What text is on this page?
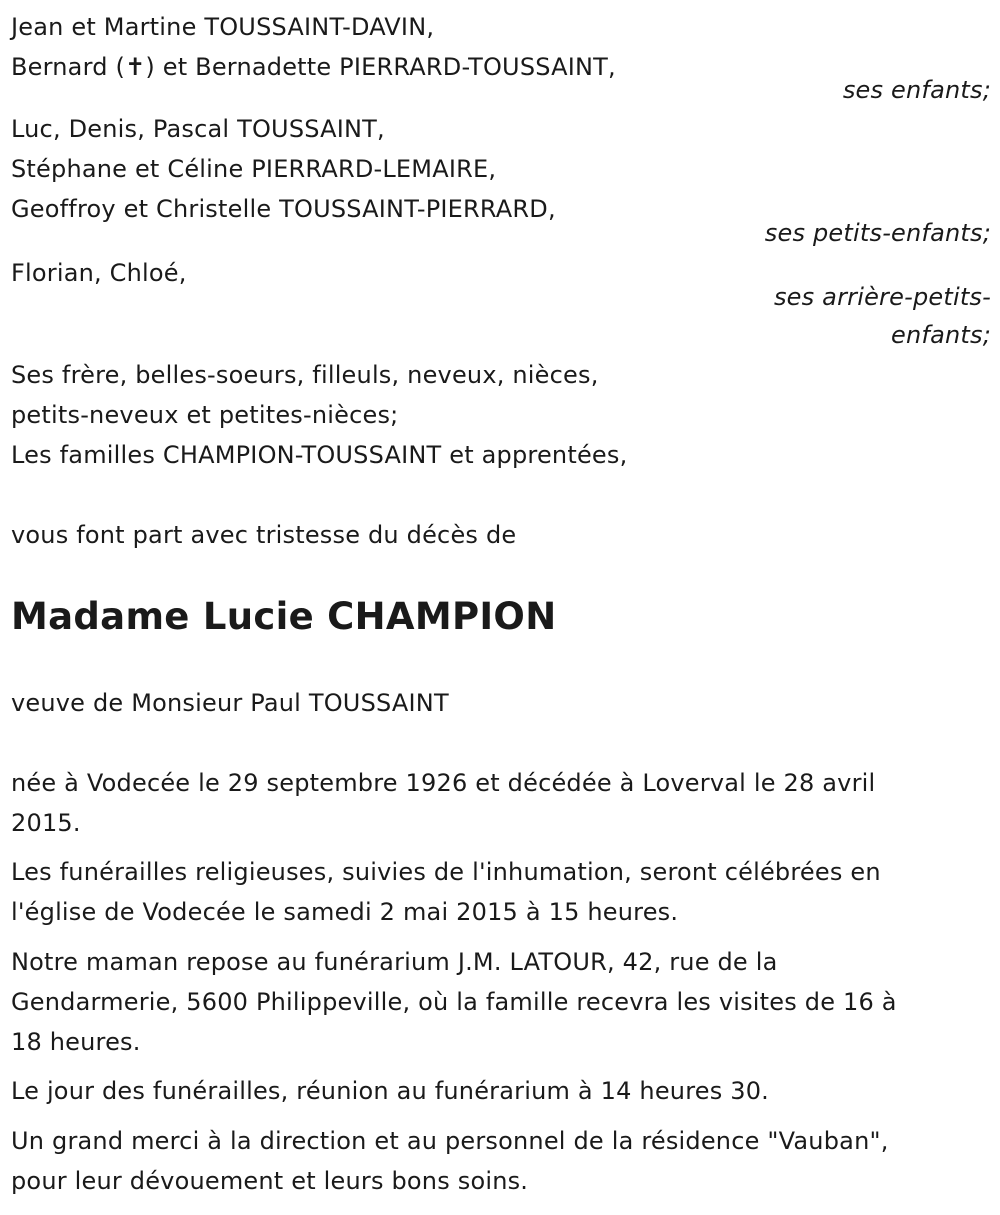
Jean et Martine TOUSSAINT-DAVIN,
Bernard (✝) et Bernadette PIERRARD-TOUSSAINT,
ses enfants;
Luc, Denis, Pascal TOUSSAINT,
Stéphane et Céline PIERRARD-LEMAIRE,
Geoffroy et Christelle TOUSSAINT-PIERRARD,
ses petits-enfants;
Florian, Chloé,
ses arrière-petits-
enfants;
Ses frère, belles-soeurs, filleuls, neveux, nièces,
petits-neveux et petites-nièces;
Les familles CHAMPION-TOUSSAINT et apprentées,
vous font part avec tristesse du décès de
Madame Lucie CHAMPION
veuve de Monsieur Paul TOUSSAINT
née à Vodecée le 29 septembre 1926 et décédée à Loverval le 28 avril
2015.
Les funérailles religieuses, suivies de l'inhumation, seront célébrées en
l'église de Vodecée le samedi 2 mai 2015 à 15 heures.
Notre maman repose au funérarium J.M. LATOUR, 42, rue de la
Gendarmerie, 5600 Philippeville, où la famille recevra les visites de 16 à
18 heures.
Le jour des funérailles, réunion au funérarium à 14 heures 30.
Un grand merci à la direction et au personnel de la résidence "Vauban",
pour leur dévouement et leurs bons soins.
